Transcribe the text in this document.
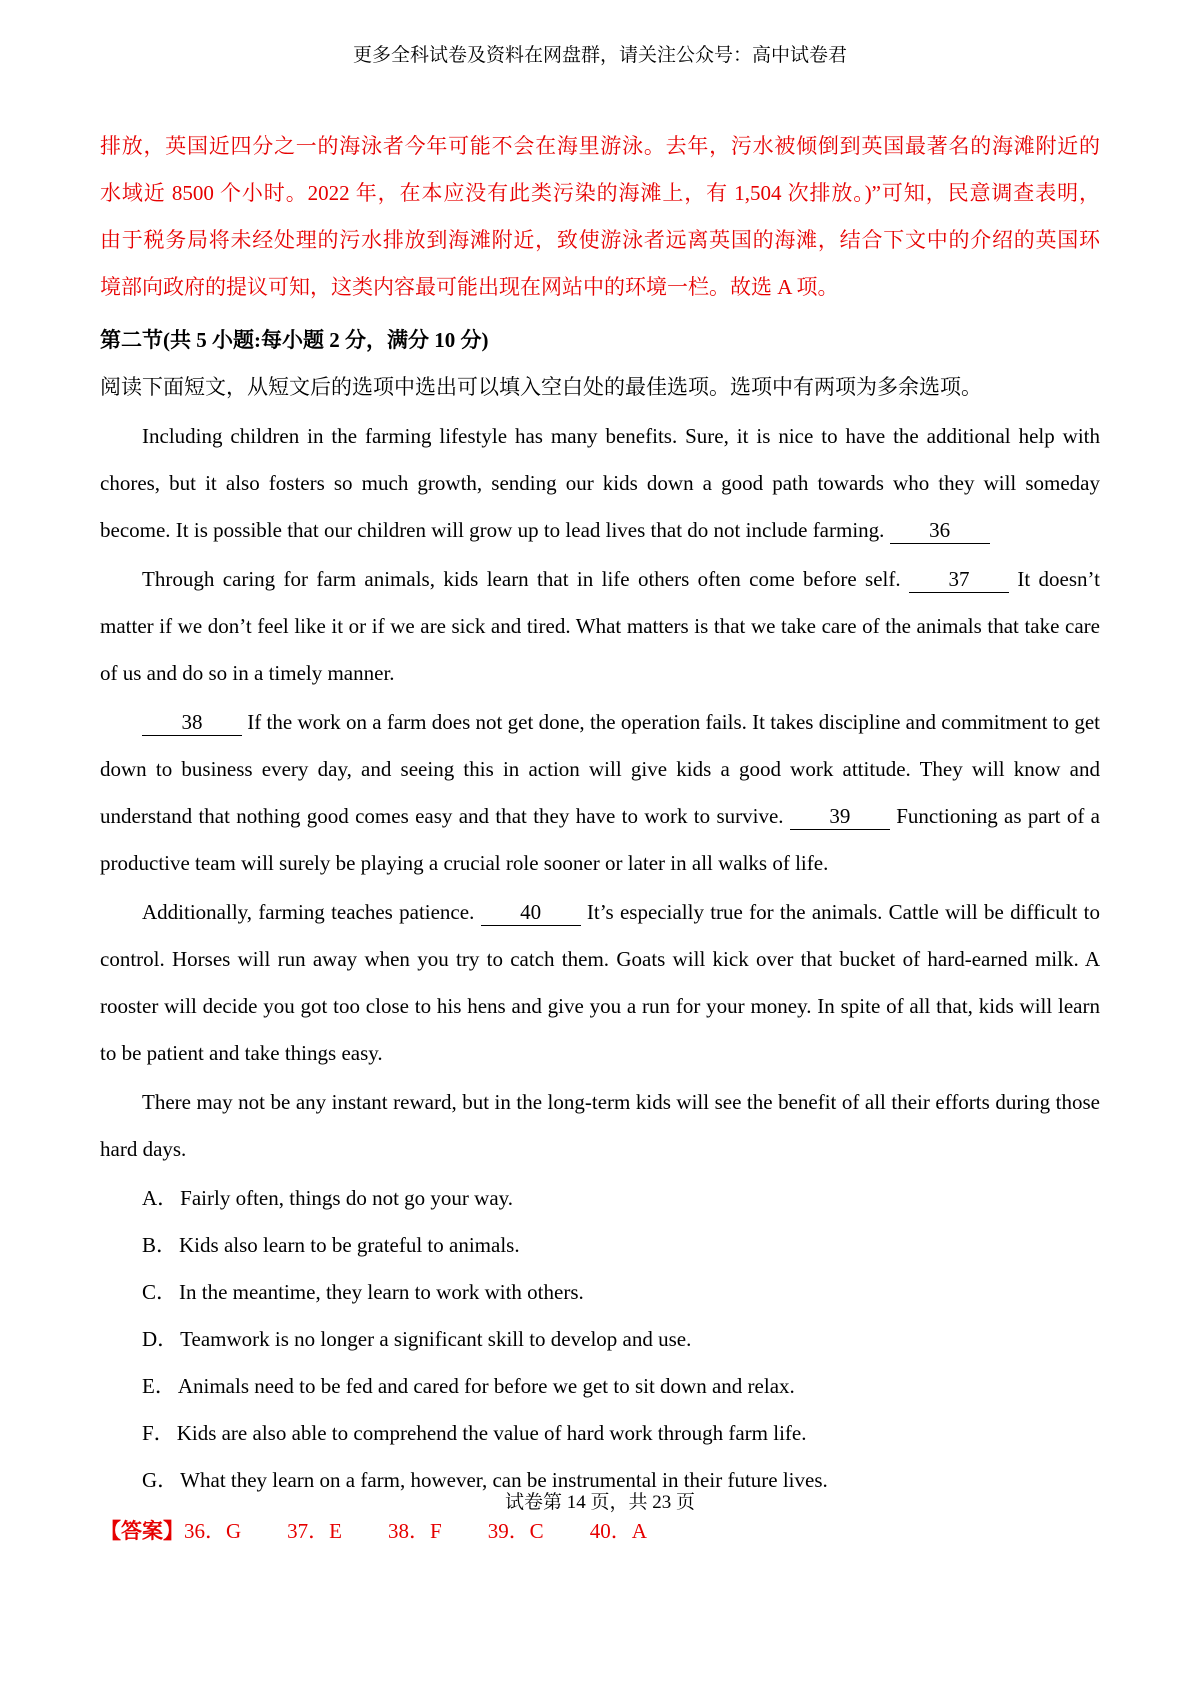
更多全科试卷及资料在网盘群，请关注公众号：高中试卷君
排放，英国近四分之一的海泳者今年可能不会在海里游泳。去年，污水被倾倒到英国最著名的海滩附近的
水域近 8500 个小时。2022 年，在本应没有此类污染的海滩上，有 1,504 次排放。)”可知，民意调查表明，
由于税务局将未经处理的污水排放到海滩附近，致使游泳者远离英国的海滩，结合下文中的介绍的英国环
境部向政府的提议可知，这类内容最可能出现在网站中的环境一栏。故选 A 项。
第二节(共 5 小题:每小题 2 分，满分 10 分)
阅读下面短文，从短文后的选项中选出可以填入空白处的最佳选项。选项中有两项为多余选项。

Including children in the farming lifestyle has many benefits. Sure, it is nice to have the additional help with chores, but it also fosters so much growth, sending our kids down a good path towards who they will someday become. It is possible that our children will grow up to lead lives that do not include farming. 36

Through caring for farm animals, kids learn that in life others often come before self. 37 It doesn’t matter if we don’t feel like it or if we are sick and tired. What matters is that we take care of the animals that take care of us and do so in a timely manner.

38 If the work on a farm does not get done, the operation fails. It takes discipline and commitment to get down to business every day, and seeing this in action will give kids a good work attitude. They will know and understand that nothing good comes easy and that they have to work to survive. 39 Functioning as part of a productive team will surely be playing a crucial role sooner or later in all walks of life.

Additionally, farming teaches patience. 40 It’s especially true for the animals. Cattle will be difficult to control. Horses will run away when you try to catch them. Goats will kick over that bucket of hard-earned milk. A rooster will decide you got too close to his hens and give you a run for your money. In spite of all that, kids will learn to be patient and take things easy.

There may not be any instant reward, but in the long-term kids will see the benefit of all their efforts during those hard days.

A．Fairly often, things do not go your way.
B．Kids also learn to be grateful to animals.
C．In the meantime, they learn to work with others.
D．Teamwork is no longer a significant skill to develop and use.
E．Animals need to be fed and cared for before we get to sit down and relax.
F．Kids are also able to comprehend the value of hard work through farm life.
G．What they learn on a farm, however, can be instrumental in their future lives.
【答案】36．G 37．E 38．F 39．C 40．A
试卷第 14 页，共 23 页
